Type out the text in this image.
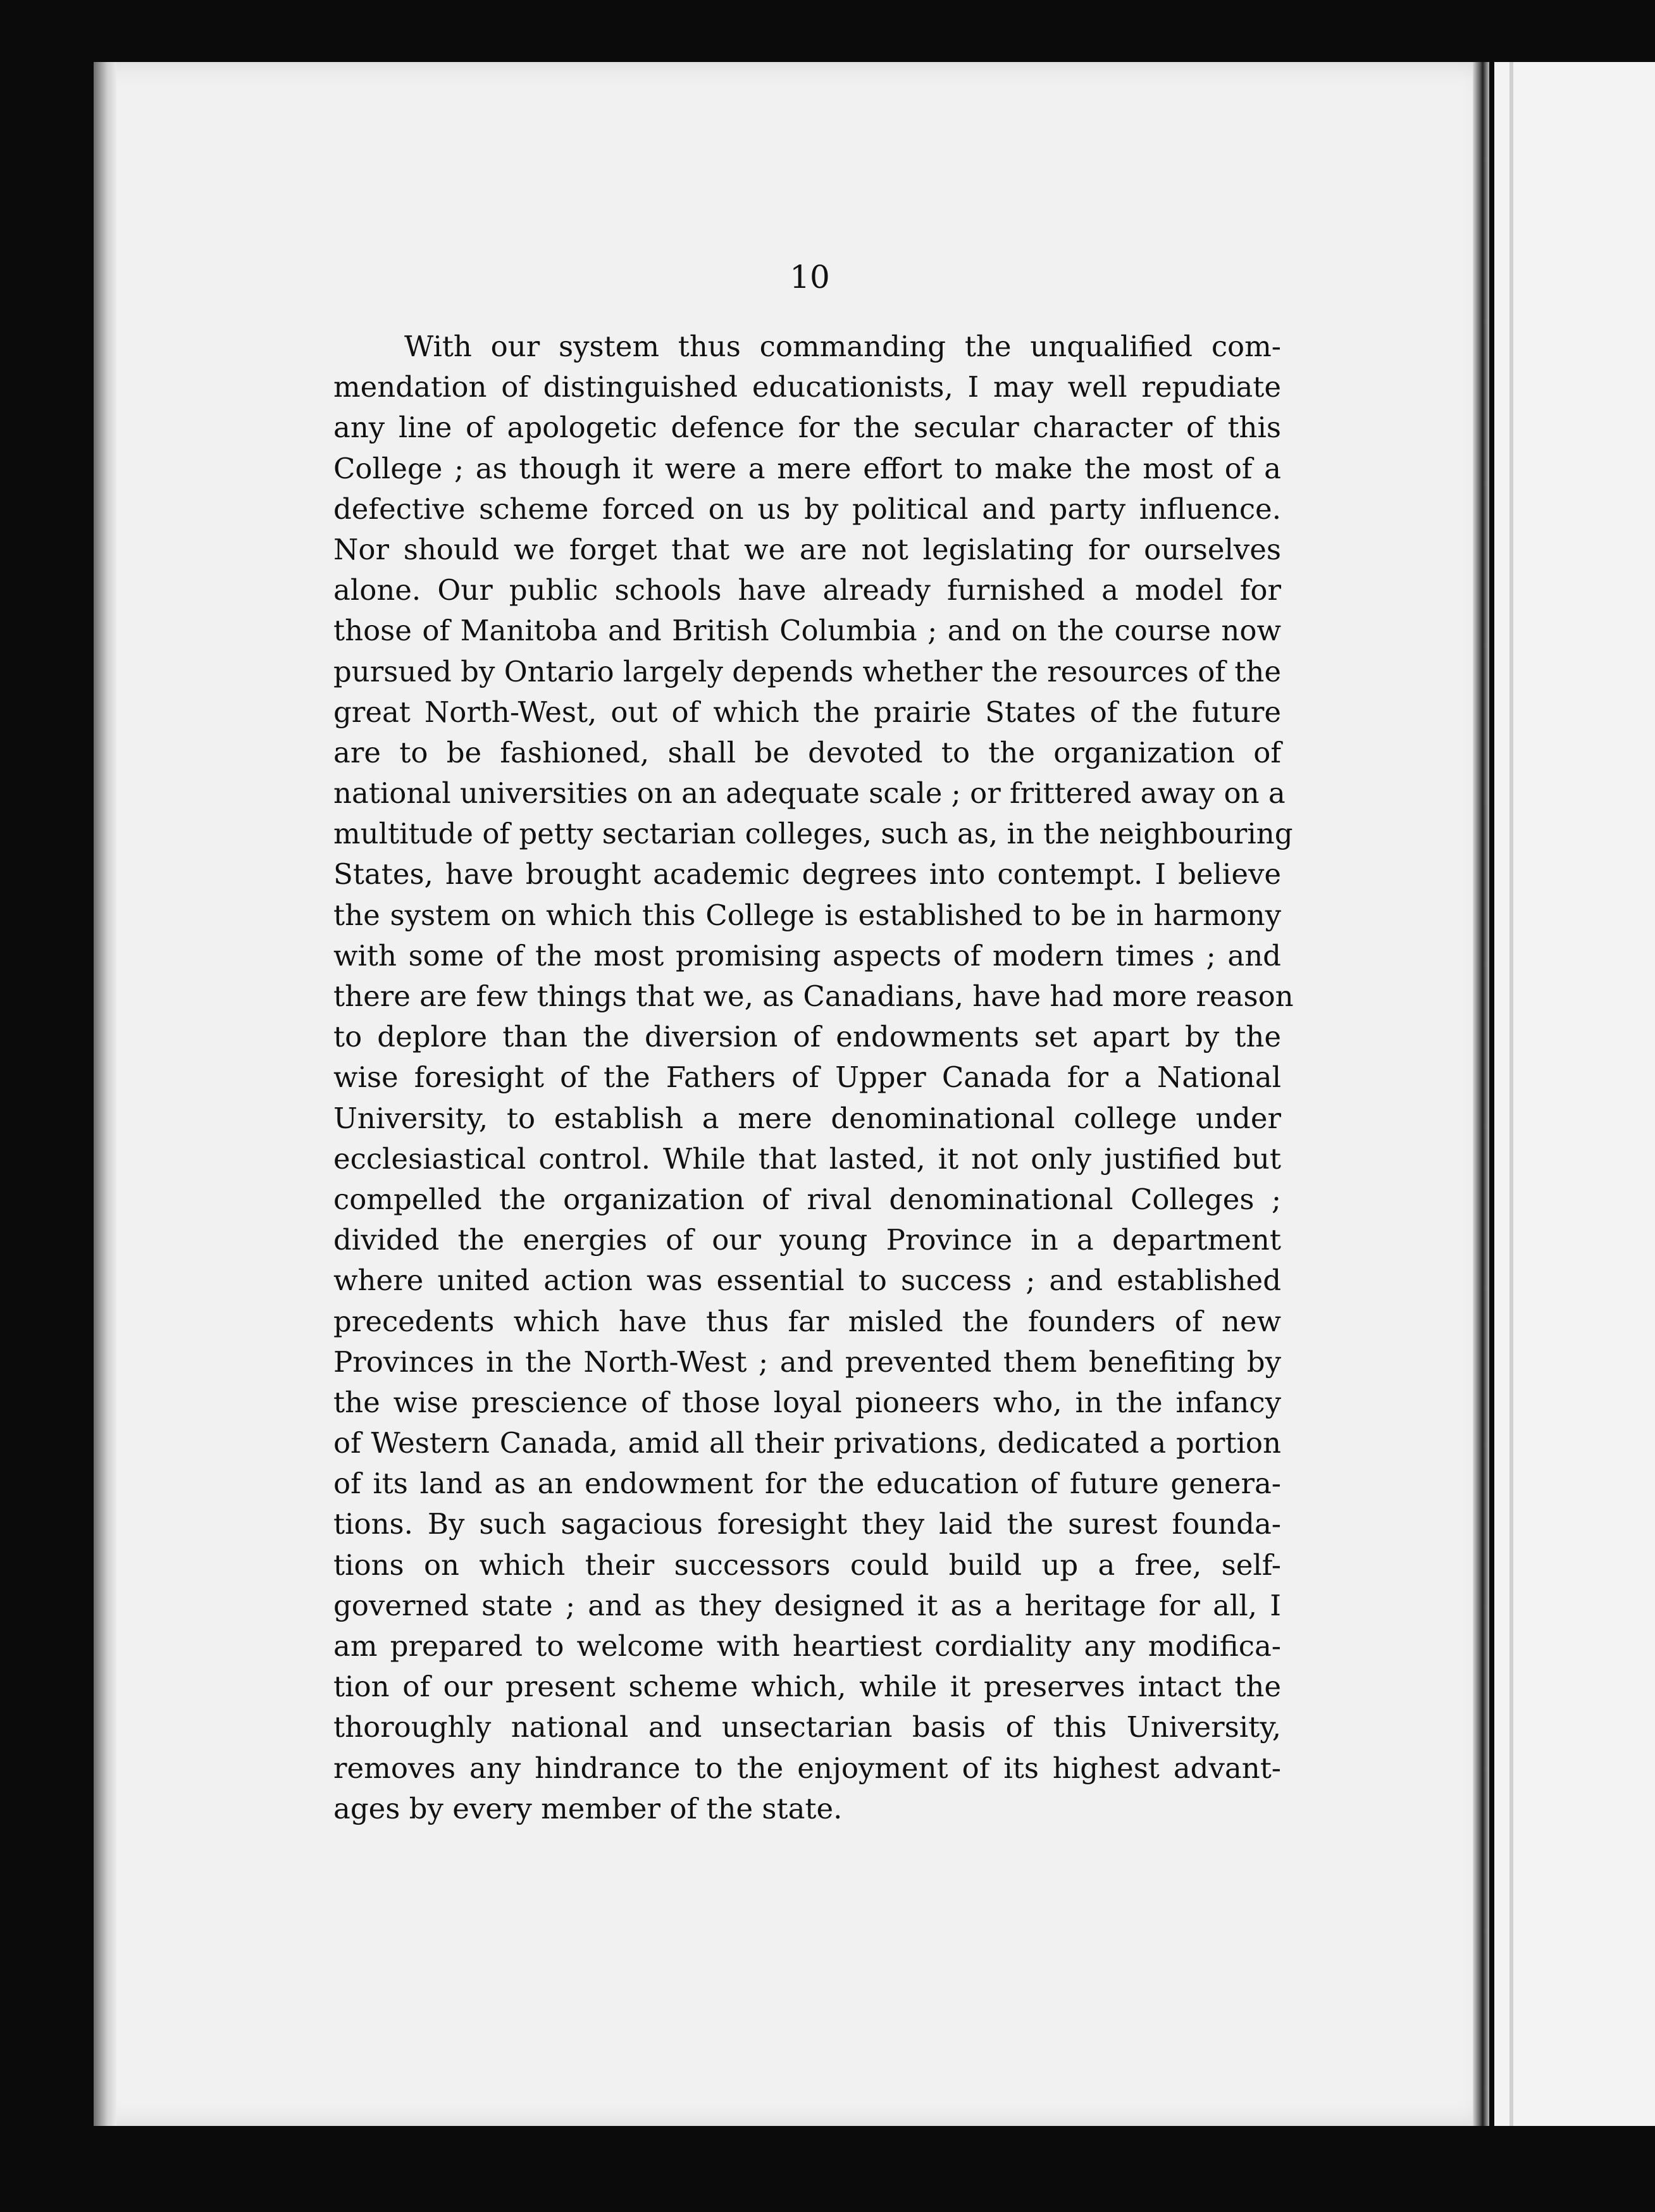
10

With our system thus commanding the unqualified com-
mendation of distinguished educationists, I may well repudiate
any line of apologetic defence for the secular character of this
College ; as though it were a mere effort to make the most of a
defective scheme forced on us by political and party influence.
Nor should we forget that we are not legislating for ourselves
alone. Our public schools have already furnished a model for
those of Manitoba and British Columbia ; and on the course now
pursued by Ontario largely depends whether the resources of the
great North-West, out of which the prairie States of the future
are to be fashioned, shall be devoted to the organization of
national universities on an adequate scale ; or frittered away on a
multitude of petty sectarian colleges, such as, in the neighbouring
States, have brought academic degrees into contempt. I believe
the system on which this College is established to be in harmony
with some of the most promising aspects of modern times ; and
there are few things that we, as Canadians, have had more reason
to deplore than the diversion of endowments set apart by the
wise foresight of the Fathers of Upper Canada for a National
University, to establish a mere denominational college under
ecclesiastical control. While that lasted, it not only justified but
compelled the organization of rival denominational Colleges ;
divided the energies of our young Province in a department
where united action was essential to success ; and established
precedents which have thus far misled the founders of new
Provinces in the North-West ; and prevented them benefiting by
the wise prescience of those loyal pioneers who, in the infancy
of Western Canada, amid all their privations, dedicated a portion
of its land as an endowment for the education of future genera-
tions. By such sagacious foresight they laid the surest founda-
tions on which their successors could build up a free, self-
governed state ; and as they designed it as a heritage for all, I
am prepared to welcome with heartiest cordiality any modifica-
tion of our present scheme which, while it preserves intact the
thoroughly national and unsectarian basis of this University,
removes any hindrance to the enjoyment of its highest advant-
ages by every member of the state.
